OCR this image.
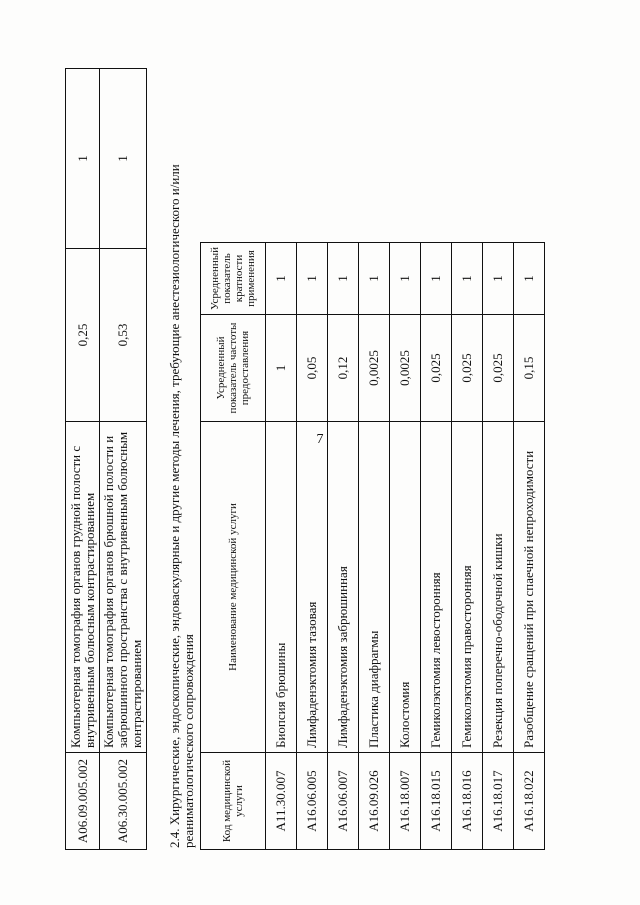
7
A06.09.005.002	Компьютерная томография органов грудной полости с внутривенным болюсным контрастированием	0,25	1
A06.30.005.002	Компьютерная томография органов брюшной полости и забрюшинного пространства с внутривенным болюсным контрастированием	0,53	1
2.4. Хирургические, эндоскопические, эндоваскулярные и другие методы лечения, требующие анестезиологического и/или реаниматологического сопровождения Код медицинской услуги	Наименование медицинской услуги	Усредненный показатель частоты предоставления	Усредненный показатель кратности применения
A11.30.007	Биопсия брюшины	1	1
A16.06.005	Лимфаденэктомия тазовая	0,05	1
A16.06.007	Лимфаденэктомия забрюшинная	0,12	1
A16.09.026	Пластика диафрагмы	0,0025	1
A16.18.007	Колостомия	0,0025	1
A16.18.015	Гемиколэктомия левосторонняя	0,025	1
A16.18.016	Гемиколэктомия правосторонняя	0,025	1
A16.18.017	Резекция поперечно-ободочной кишки	0,025	1
A16.18.022	Разобщение сращений при спаечной непроходимости	0,15	1
